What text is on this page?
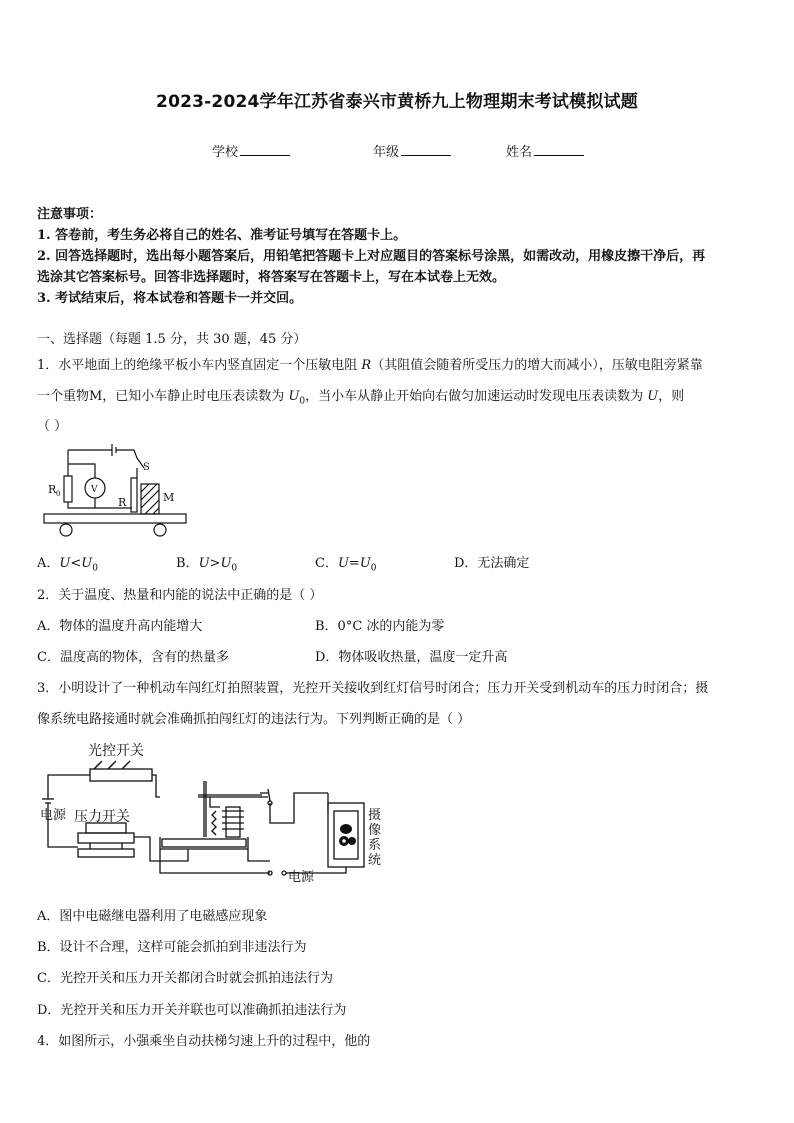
2023-2024学年江苏省泰兴市黄桥九上物理期末考试模拟试题
学校	年级	姓名
注意事项：
1. 答卷前，考生务必将自己的姓名、准考证号填写在答题卡上。
2. 回答选择题时，选出每小题答案后，用铅笔把答题卡上对应题目的答案标号涂黑，如需改动，用橡皮擦干净后，再
选涂其它答案标号。回答非选择题时，将答案写在答题卡上，写在本试卷上无效。
3. 考试结束后，将本试卷和答题卡一并交回。
一、选择题（每题 1.5 分，共 30 题，45 分）
1．水平地面上的绝缘平板小车内竖直固定一个压敏电阻 R（其阻值会随着所受压力的增大而减小），压敏电阻旁紧靠
一个重物M，已知小车静止时电压表读数为 $U_0$，当小车从静止开始向右做匀加速运动时发现电压表读数为 U，则
（ ）
R 0	V
S
R	M
A．$U<U_0$	B．$U>U_0$	C．$U=U_0$	D．无法确定
2．关于温度、热量和内能的说法中正确的是（ ）
A．物体的温度升高内能增大	B．0°C 冰的内能为零
C．温度高的物体，含有的热量多	D．物体吸收热量，温度一定升高
3．小明设计了一种机动车闯红灯拍照装置，光控开关接收到红灯信号时闭合；压力开关受到机动车的压力时闭合；摄
像系统电路接通时就会准确抓拍闯红灯的违法行为。下列判断正确的是（ ）
光控开关
电源 压力开关
电源
摄
像
系
统
A．图中电磁继电器利用了电磁感应现象
B．设计不合理，这样可能会抓拍到非违法行为
C．光控开关和压力开关都闭合时就会抓拍违法行为
D．光控开关和压力开关并联也可以准确抓拍违法行为
4．如图所示，小强乘坐自动扶梯匀速上升的过程中，他的
